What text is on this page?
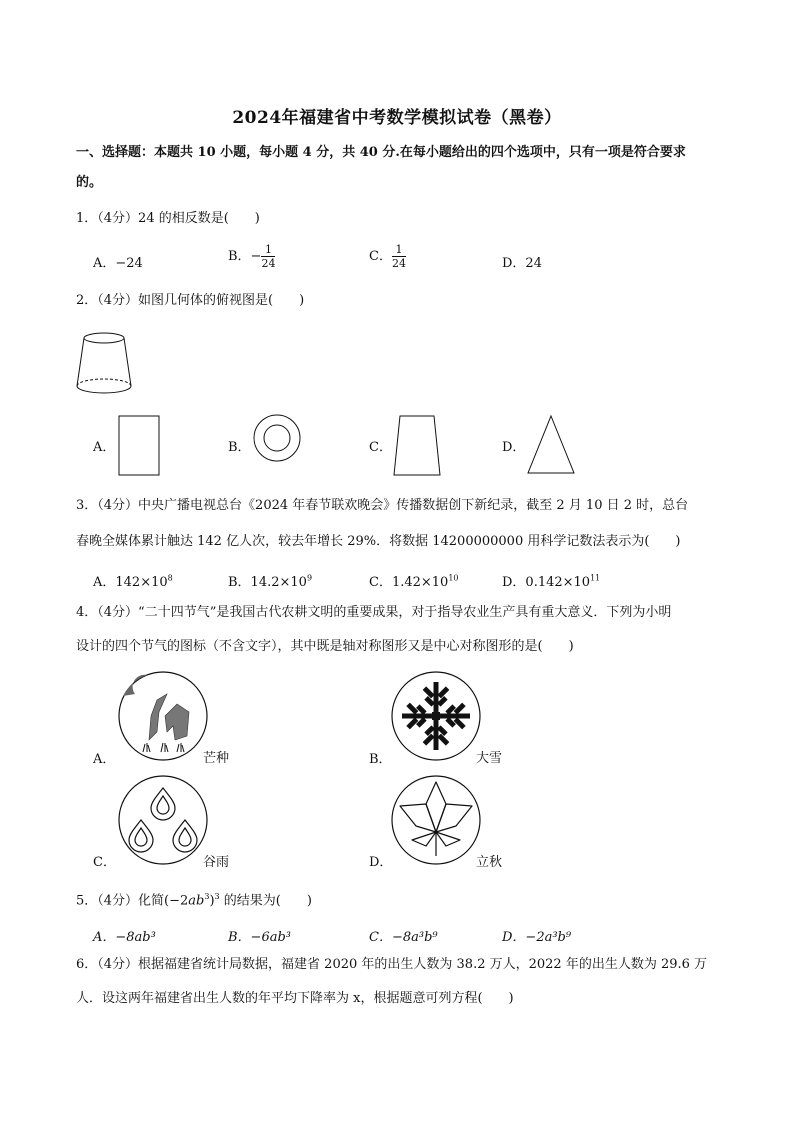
2024年福建省中考数学模拟试卷（黑卷）
一、选择题：本题共 10 小题，每小题 4 分，共 40 分.在每小题给出的四个选项中，只有一项是符合要求
的。
1．（4分）24 的相反数是(　　)
A．−24	B．− $\frac{1}{24}$	C． $\frac{1}{24}$	D．24
2．（4分）如图几何体的俯视图是(　　)
A．	B．	C．	D．
3．（4分）中央广播电视总台《2024 年春节联欢晚会》传播数据创下新纪录，截至 2 月 10 日 2 时，总台
春晚全媒体累计触达 142 亿人次，较去年增长 29%．将数据 14200000000 用科学记数法表示为(　　)
A．$142\times 10^8$	B．$14.2\times 10^9$	C．$1.42\times 10^{10}$	D．$0.142\times 10^{11}$
4．（4分）“二十四节气”是我国古代农耕文明的重要成果，对于指导农业生产具有重大意义．下列为小明
设计的四个节气的图标（不含文字），其中既是轴对称图形又是中心对称图形的是(　　)
A．	芒种	B．	大雪
C．	谷雨	D．	立秋
5．（4分）化简$(-2ab^3)^3$ 的结果为(　　)
A．−8ab³	B．−6ab³	C．−8a³b⁹	D．−2a³b⁹
6．（4分）根据福建省统计局数据，福建省 2020 年的出生人数为 38.2 万人，2022 年的出生人数为 29.6 万
人．设这两年福建省出生人数的年平均下降率为 x，根据题意可列方程(　　)
